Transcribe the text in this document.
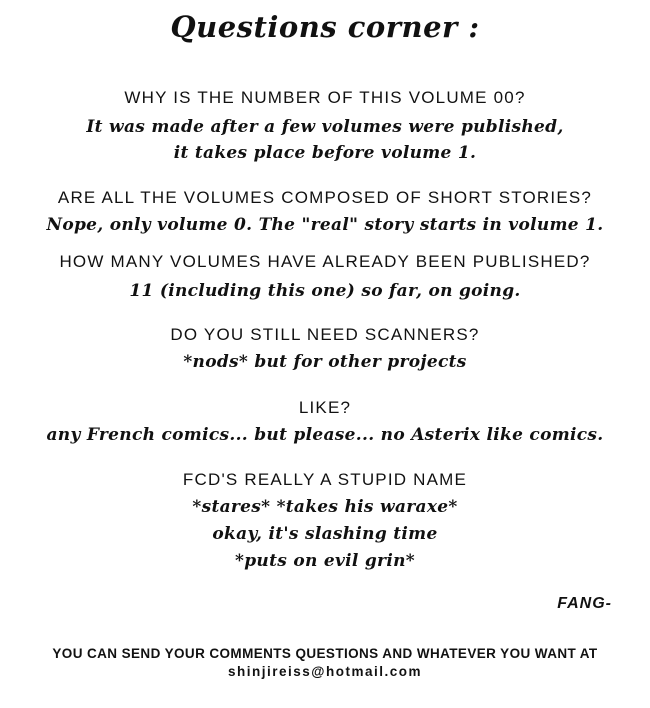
Questions corner :
WHY IS THE NUMBER OF THIS VOLUME 00?
It was made after a few volumes were published,
it takes place before volume 1.
ARE ALL THE VOLUMES COMPOSED OF SHORT STORIES?
Nope, only volume 0. The "real" story starts in volume 1.
HOW MANY VOLUMES HAVE ALREADY BEEN PUBLISHED?
11 (including this one) so far, on going.
DO YOU STILL NEED SCANNERS?
*nods* but for other projects
LIKE?
any French comics... but please... no Asterix like comics.
FCD'S REALLY A STUPID NAME
*stares* *takes his waraxe*
okay, it's slashing time
*puts on evil grin*
FANG-
YOU CAN SEND YOUR COMMENTS QUESTIONS AND WHATEVER YOU WANT AT
shinjireiss@hotmail.com
